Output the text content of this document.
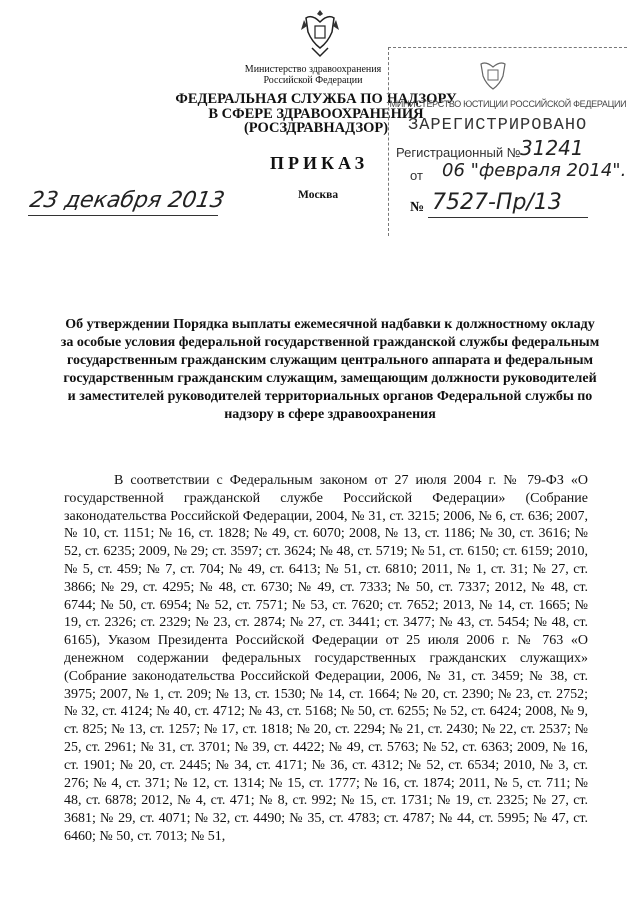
Министерство здравоохранения
Российской Федерации
ФЕДЕРАЛЬНАЯ СЛУЖБА ПО НАДЗОРУ
В СФЕРЕ ЗДРАВООХРАНЕНИЯ
(РОСЗДРАВНАДЗОР)
ПРИКАЗ
Москва
23 декабря 2013
МИНИСТЕРСТВО ЮСТИЦИИ РОССИЙСКОЙ ФЕДЕРАЦИИ
ЗАРЕГИСТРИРОВАНО
Регистрационный № 31241
от 06 "февраля 2014".
№ 7527-Пр/13
Об утверждении Порядка выплаты ежемесячной надбавки к должностному окладу за особые условия федеральной государственной гражданской службы федеральным государственным гражданским служащим центрального аппарата и федеральным государственным гражданским служащим, замещающим должности руководителей и заместителей руководителей территориальных органов Федеральной службы по надзору в сфере здравоохранения
В соответствии с Федеральным законом от 27 июля 2004 г. № 79-ФЗ «О государственной гражданской службе Российской Федерации» (Собрание законодательства Российской Федерации, 2004, № 31, ст. 3215; 2006, № 6, ст. 636; 2007, № 10, ст. 1151; № 16, ст. 1828; № 49, ст. 6070; 2008, № 13, ст. 1186; № 30, ст. 3616; № 52, ст. 6235; 2009, № 29; ст. 3597; ст. 3624; № 48, ст. 5719; № 51, ст. 6150; ст. 6159; 2010, № 5, ст. 459; № 7, ст. 704; № 49, ст. 6413; № 51, ст. 6810; 2011, № 1, ст. 31; № 27, ст. 3866; № 29, ст. 4295; № 48, ст. 6730; № 49, ст. 7333; № 50, ст. 7337; 2012, № 48, ст. 6744; № 50, ст. 6954; № 52, ст. 7571; № 53, ст. 7620; ст. 7652; 2013, № 14, ст. 1665; № 19, ст. 2326; ст. 2329; № 23, ст. 2874; № 27, ст. 3441; ст. 3477; № 43, ст. 5454; № 48, ст. 6165), Указом Президента Российской Федерации от 25 июля 2006 г. № 763 «О денежном содержании федеральных государственных гражданских служащих» (Собрание законодательства Российской Федерации, 2006, № 31, ст. 3459; № 38, ст. 3975; 2007, № 1, ст. 209; № 13, ст. 1530; № 14, ст. 1664; № 20, ст. 2390; № 23, ст. 2752; № 32, ст. 4124; № 40, ст. 4712; № 43, ст. 5168; № 50, ст. 6255; № 52, ст. 6424; 2008, № 9, ст. 825; № 13, ст. 1257; № 17, ст. 1818; № 20, ст. 2294; № 21, ст. 2430; № 22, ст. 2537; № 25, ст. 2961; № 31, ст. 3701; № 39, ст. 4422; № 49, ст. 5763; № 52, ст. 6363; 2009, № 16, ст. 1901; № 20, ст. 2445; № 34, ст. 4171; № 36, ст. 4312; № 52, ст. 6534; 2010, № 3, ст. 276; № 4, ст. 371; № 12, ст. 1314; № 15, ст. 1777; № 16, ст. 1874; 2011, № 5, ст. 711; № 48, ст. 6878; 2012, № 4, ст. 471; № 8, ст. 992; № 15, ст. 1731; № 19, ст. 2325; № 27, ст. 3681; № 29, ст. 4071; № 32, ст. 4490; № 35, ст. 4783; ст. 4787; № 44, ст. 5995; № 47, ст. 6460; № 50, ст. 7013; № 51,
